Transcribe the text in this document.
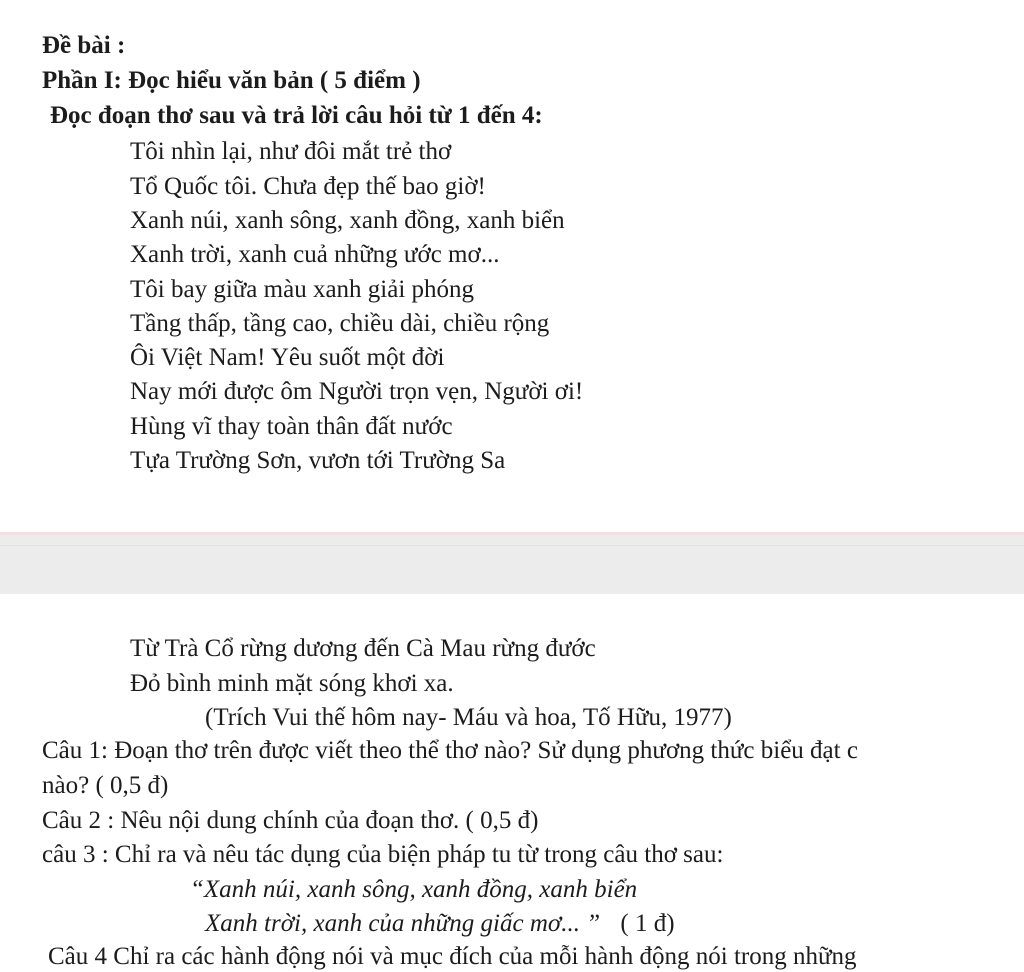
Đề bài :
Phần I: Đọc hiểu văn bản ( 5 điểm )
Đọc đoạn thơ sau và trả lời câu hỏi từ 1 đến 4:
Tôi nhìn lại, như đôi mắt trẻ thơ
Tổ Quốc tôi. Chưa đẹp thế bao giờ!
Xanh núi, xanh sông, xanh đồng, xanh biển
Xanh trời, xanh cuả những ước mơ...
Tôi bay giữa màu xanh giải phóng
Tầng thấp, tầng cao, chiều dài, chiều rộng
Ôi Việt Nam! Yêu suốt một đời
Nay mới được ôm Người trọn vẹn, Người ơi!
Hùng vĩ thay toàn thân đất nước
Tựa Trường Sơn, vươn tới Trường Sa
Từ Trà Cổ rừng dương đến Cà Mau rừng đước
Đỏ bình minh mặt sóng khơi xa.
(Trích Vui thế hôm nay- Máu và hoa, Tố Hữu, 1977)
Câu 1: Đoạn thơ trên được viết theo thể thơ nào? Sử dụng phương thức biểu đạt c
nào? ( 0,5 đ)
Câu 2 : Nêu nội dung chính của đoạn thơ. ( 0,5 đ)
câu 3 : Chỉ ra và nêu tác dụng của biện pháp tu từ trong câu thơ sau:
“Xanh núi, xanh sông, xanh đồng, xanh biển
Xanh trời, xanh của những giấc mơ... ” ( 1 đ)
Câu 4 Chỉ ra các hành động nói và mục đích của mỗi hành động nói trong những
